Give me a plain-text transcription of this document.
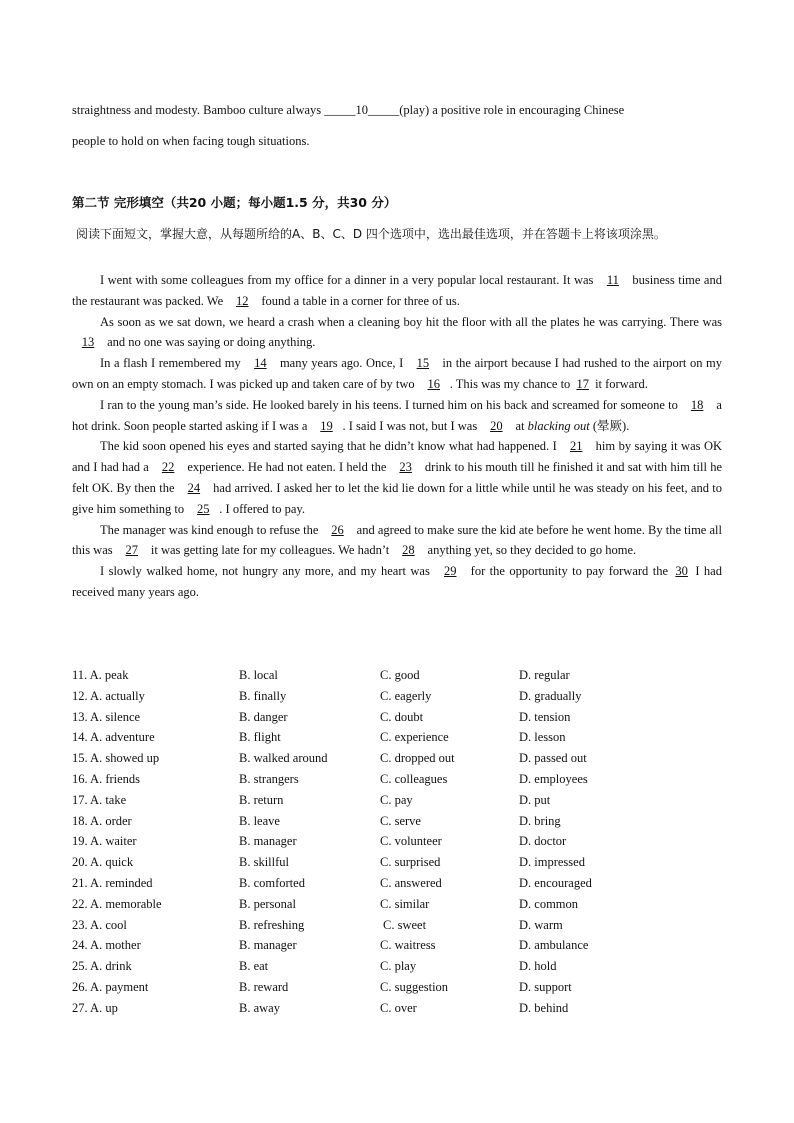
straightness and modesty. Bamboo culture always _____10_____(play) a positive role in encouraging Chinese

people to hold on when facing tough situations.

第二节 完形填空（共20 小题；每小题1.5 分，共30 分）
阅读下面短文，掌握大意，从每题所给的A、B、C、D 四个选项中，选出最佳选项，并在答题卡上将该项涂黑。

I went with some colleagues from my office for a dinner in a very popular local restaurant. It was 11 business time and the restaurant was packed. We 12 found a table in a corner for three of us.

As soon as we sat down, we heard a crash when a cleaning boy hit the floor with all the plates he was carrying. There was 13 and no one was saying or doing anything.

In a flash I remembered my 14 many years ago. Once, I 15 in the airport because I had rushed to the airport on my own on an empty stomach. I was picked up and taken care of by two 16 . This was my chance to 17 it forward.

I ran to the young man’s side. He looked barely in his teens. I turned him on his back and screamed for someone to 18 a hot drink. Soon people started asking if I was a 19 . I said I was not, but I was 20 at blacking out (晕厥).

The kid soon opened his eyes and started saying that he didn’t know what had happened. I 21 him by saying it was OK and I had had a 22 experience. He had not eaten. I held the 23 drink to his mouth till he finished it and sat with him till he felt OK. By then the 24 had arrived. I asked her to let the kid lie down for a little while until he was steady on his feet, and to give him something to 25 . I offered to pay.

The manager was kind enough to refuse the 26 and agreed to make sure the kid ate before he went home. By the time all this was 27 it was getting late for my colleagues. We hadn’t 28 anything yet, so they decided to go home.

I slowly walked home, not hungry any more, and my heart was 29 for the opportunity to pay forward the 30 I had received many years ago.

11. A. peak	B. local	C. good	D. regular
12. A. actually	B. finally	C. eagerly	D. gradually
13. A. silence	B. danger	C. doubt	D. tension
14. A. adventure	B. flight	C. experience	D. lesson
15. A. showed up	B. walked around	C. dropped out	D. passed out
16. A. friends	B. strangers	C. colleagues	D. employees
17. A. take	B. return	C. pay	D. put
18. A. order	B. leave	C. serve	D. bring
19. A. waiter	B. manager	C. volunteer	D. doctor
20. A. quick	B. skillful	C. surprised	D. impressed
21. A. reminded	B. comforted	C. answered	D. encouraged
22. A. memorable	B. personal	C. similar	D. common
23. A. cool	B. refreshing	C. sweet	D. warm
24. A. mother	B. manager	C. waitress	D. ambulance
25. A. drink	B. eat	C. play	D. hold
26. A. payment	B. reward	C. suggestion	D. support
27. A. up	B. away	C. over	D. behind
